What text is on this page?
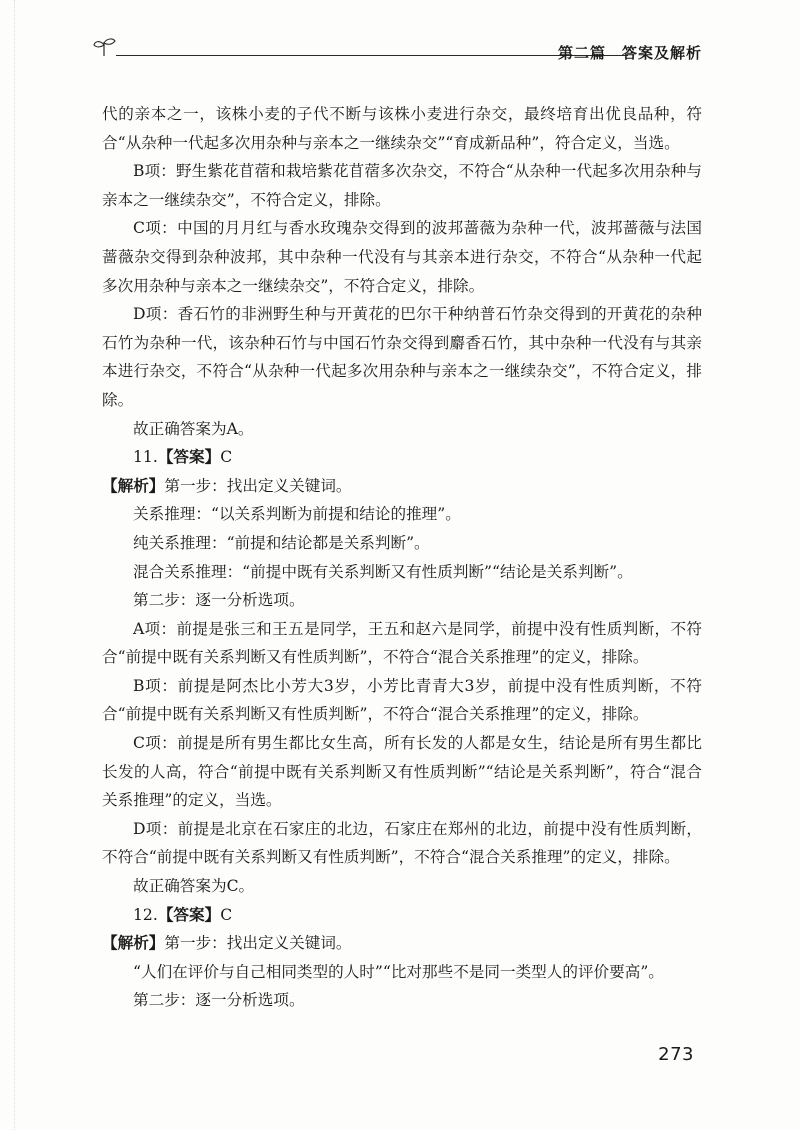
第二篇　答案及解析

代的亲本之一，该株小麦的子代不断与该株小麦进行杂交，最终培育出优良品种，符合“从杂种一代起多次用杂种与亲本之一继续杂交”“育成新品种”，符合定义，当选。

B项：野生紫花苜蓿和栽培紫花苜蓿多次杂交，不符合“从杂种一代起多次用杂种与亲本之一继续杂交”，不符合定义，排除。

C项：中国的月月红与香水玫瑰杂交得到的波邦蔷薇为杂种一代，波邦蔷薇与法国蔷薇杂交得到杂种波邦，其中杂种一代没有与其亲本进行杂交，不符合“从杂种一代起多次用杂种与亲本之一继续杂交”，不符合定义，排除。

D项：香石竹的非洲野生种与开黄花的巴尔干种纳普石竹杂交得到的开黄花的杂种石竹为杂种一代，该杂种石竹与中国石竹杂交得到麝香石竹，其中杂种一代没有与其亲本进行杂交，不符合“从杂种一代起多次用杂种与亲本之一继续杂交”，不符合定义，排除。

故正确答案为A。

11.【答案】C

【解析】第一步：找出定义关键词。

关系推理：“以关系判断为前提和结论的推理”。

纯关系推理：“前提和结论都是关系判断”。

混合关系推理：“前提中既有关系判断又有性质判断”“结论是关系判断”。

第二步：逐一分析选项。

A项：前提是张三和王五是同学，王五和赵六是同学，前提中没有性质判断，不符合“前提中既有关系判断又有性质判断”，不符合“混合关系推理”的定义，排除。

B项：前提是阿杰比小芳大3岁，小芳比青青大3岁，前提中没有性质判断，不符合“前提中既有关系判断又有性质判断”，不符合“混合关系推理”的定义，排除。

C项：前提是所有男生都比女生高，所有长发的人都是女生，结论是所有男生都比长发的人高，符合“前提中既有关系判断又有性质判断”“结论是关系判断”，符合“混合关系推理”的定义，当选。

D项：前提是北京在石家庄的北边，石家庄在郑州的北边，前提中没有性质判断，不符合“前提中既有关系判断又有性质判断”，不符合“混合关系推理”的定义，排除。

故正确答案为C。

12.【答案】C

【解析】第一步：找出定义关键词。

“人们在评价与自己相同类型的人时”“比对那些不是同一类型人的评价要高”。

第二步：逐一分析选项。

273
